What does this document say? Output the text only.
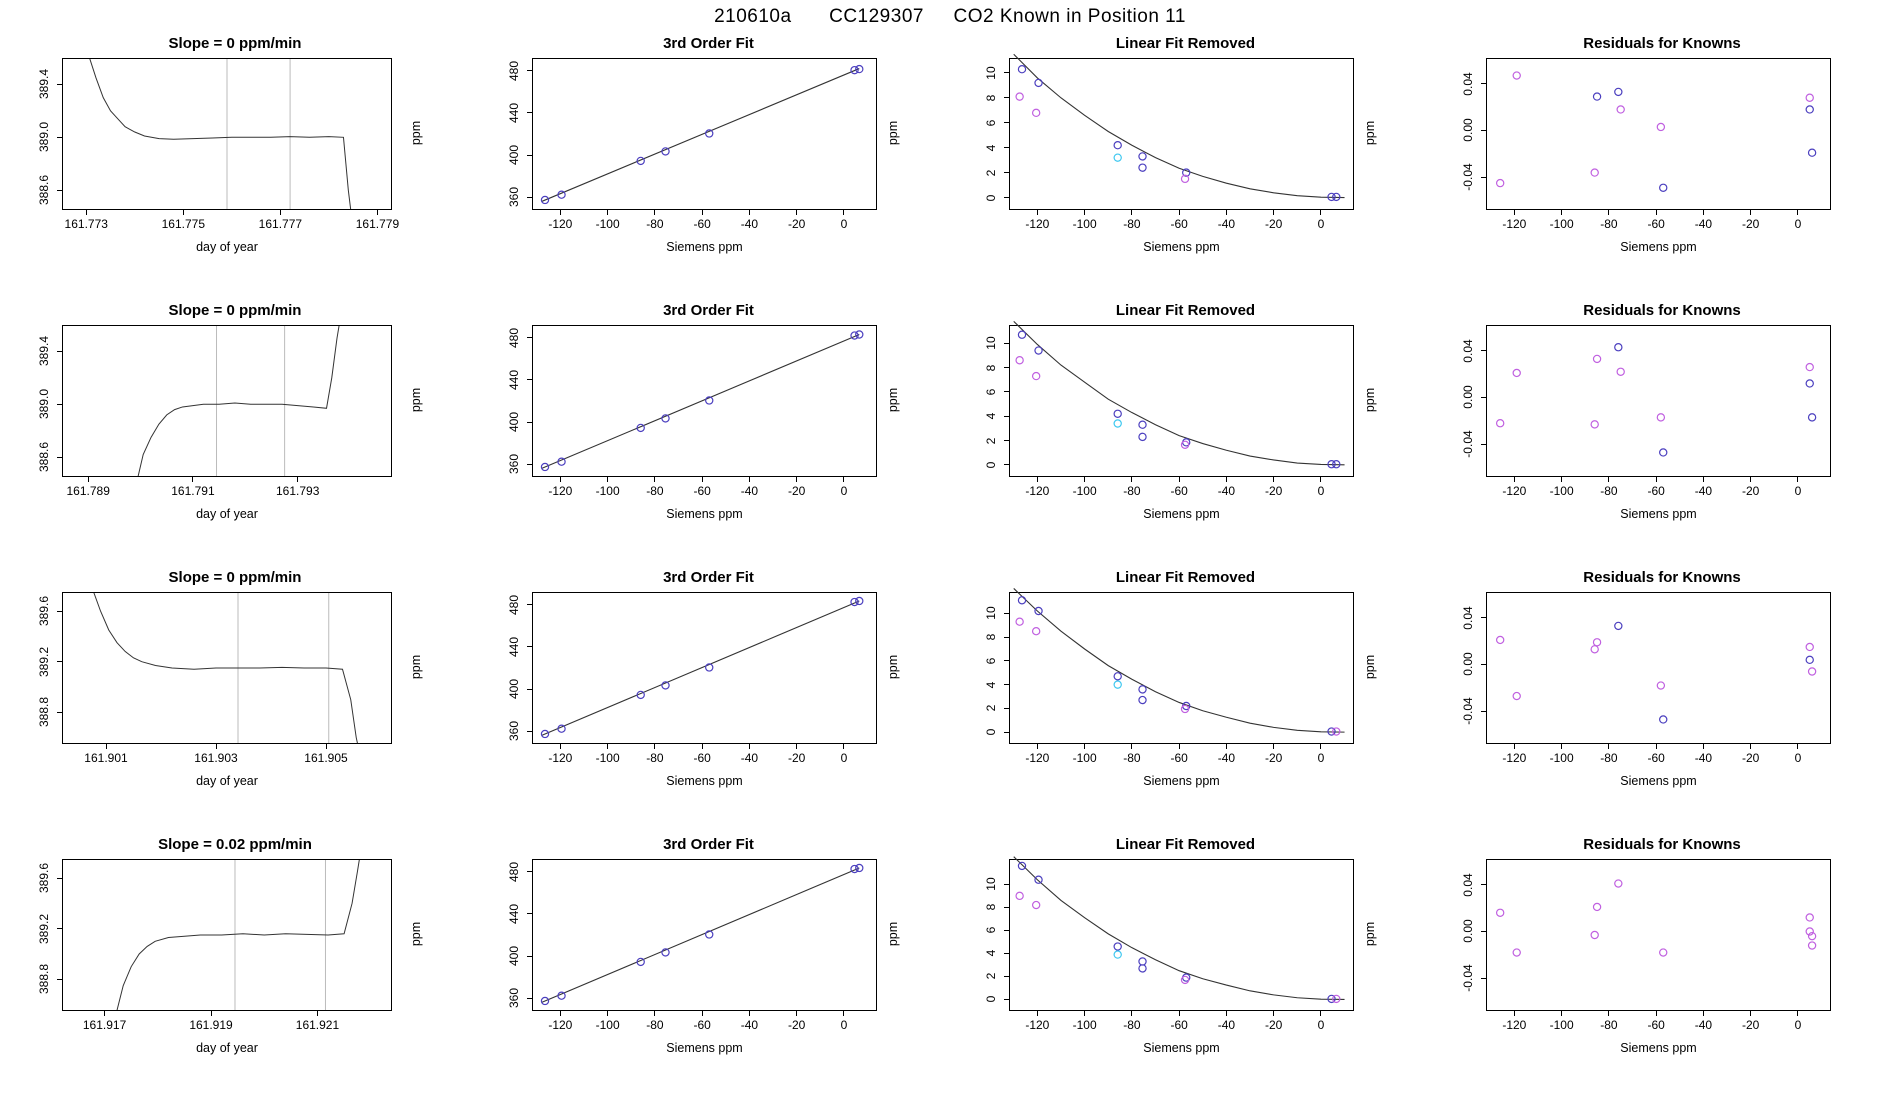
210610a CC129307 CO2 Known in Position 11
Slope = 0 ppm/min
161.773	161.775	161.777	161.779
388.6
389.0
389.4
day of year
3rd Order Fit
-120	-100	-80	-60	-40	-20	0
360
400
440
480
Siemens ppm
ppm
Linear Fit Removed
-120	-100	-80	-60	-40	-20	0
0
2
4
6
8
10
Siemens ppm
ppm
Residuals for Knowns
-120	-100	-80	-60	-40	-20	0
-0.04
0.00
0.04
Siemens ppm
ppm
Slope = 0 ppm/min
161.789	161.791	161.793
388.6
389.0
389.4
day of year
3rd Order Fit
-120	-100	-80	-60	-40	-20	0
360
400
440
480
Siemens ppm
ppm
Linear Fit Removed
-120	-100	-80	-60	-40	-20	0
0
2
4
6
8
10
Siemens ppm
ppm
Residuals for Knowns
-120	-100	-80	-60	-40	-20	0
-0.04
0.00
0.04
Siemens ppm
ppm
Slope = 0 ppm/min
161.901	161.903	161.905
388.8
389.2
389.6
day of year
3rd Order Fit
-120	-100	-80	-60	-40	-20	0
360
400
440
480
Siemens ppm
ppm
Linear Fit Removed
-120	-100	-80	-60	-40	-20	0
0
2
4
6
8
10
Siemens ppm
ppm
Residuals for Knowns
-120	-100	-80	-60	-40	-20	0
-0.04
0.00
0.04
Siemens ppm
ppm
Slope = 0.02 ppm/min
161.917	161.919	161.921
388.8
389.2
389.6
day of year
3rd Order Fit
-120	-100	-80	-60	-40	-20	0
360
400
440
480
Siemens ppm
ppm
Linear Fit Removed
-120	-100	-80	-60	-40	-20	0
0
2
4
6
8
10
Siemens ppm
ppm
Residuals for Knowns
-120	-100	-80	-60	-40	-20	0
-0.04
0.00
0.04
Siemens ppm
ppm
